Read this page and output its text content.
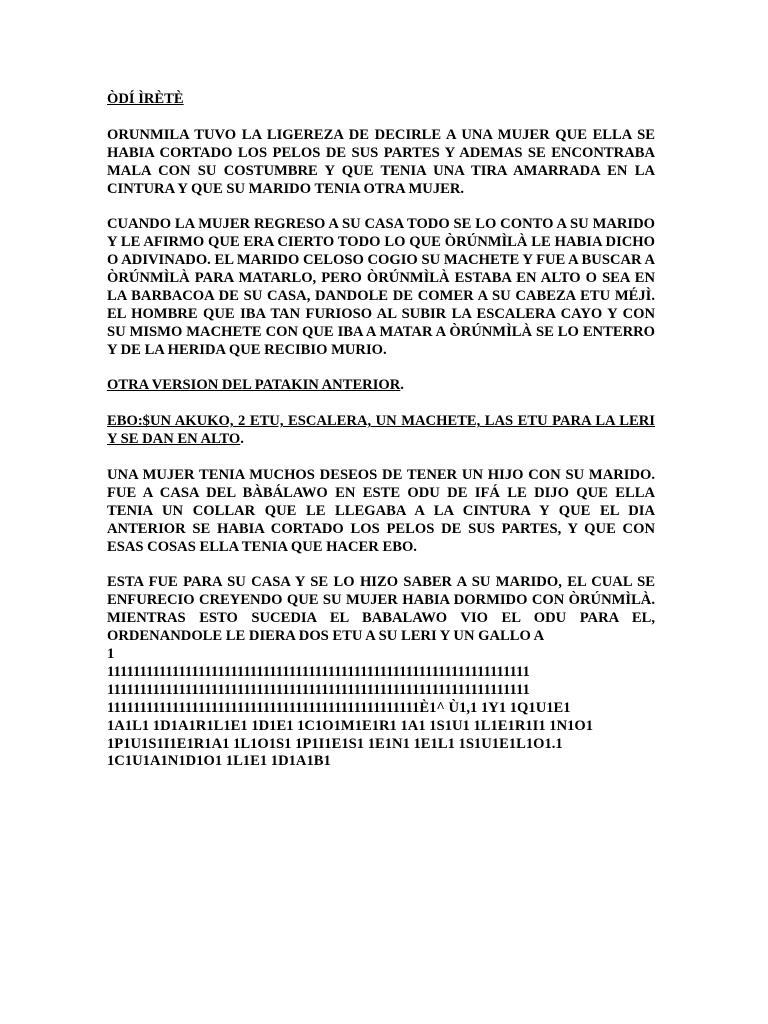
ÒDÍ ÌRÈTÈ

ORUNMILA TUVO LA LIGEREZA DE DECIRLE A UNA MUJER QUE ELLA SE HABIA CORTADO LOS PELOS DE SUS PARTES Y ADEMAS SE ENCONTRABA MALA CON SU COSTUMBRE Y QUE TENIA UNA TIRA AMARRADA EN LA CINTURA Y QUE SU MARIDO TENIA OTRA MUJER.

CUANDO LA MUJER REGRESO A SU CASA TODO SE LO CONTO A SU MARIDO Y LE AFIRMO QUE ERA CIERTO TODO LO QUE ÒRÚNMÌLÀ LE HABIA DICHO O ADIVINADO. EL MARIDO CELOSO COGIO SU MACHETE Y FUE A BUSCAR A ÒRÚNMÌLÀ PARA MATARLO, PERO ÒRÚNMÌLÀ ESTABA EN ALTO O SEA EN LA BARBACOA DE SU CASA, DANDOLE DE COMER A SU CABEZA ETU MÉJÌ. EL HOMBRE QUE IBA TAN FURIOSO AL SUBIR LA ESCALERA CAYO Y CON SU MISMO MACHETE CON QUE IBA A MATAR A ÒRÚNMÌLÀ SE LO ENTERRO Y DE LA HERIDA QUE RECIBIO MURIO.

OTRA VERSION DEL PATAKIN ANTERIOR.

EBO:$UN AKUKO, 2 ETU, ESCALERA, UN MACHETE, LAS ETU PARA LA LERI Y SE DAN EN ALTO.

UNA MUJER TENIA MUCHOS DESEOS DE TENER UN HIJO CON SU MARIDO. FUE A CASA DEL BÀBÁLAWO EN ESTE ODU DE IFÁ LE DIJO QUE ELLA TENIA UN COLLAR QUE LE LLEGABA A LA CINTURA Y QUE EL DIA ANTERIOR SE HABIA CORTADO LOS PELOS DE SUS PARTES, Y QUE CON ESAS COSAS ELLA TENIA QUE HACER EBO.

ESTA FUE PARA SU CASA Y SE LO HIZO SABER A SU MARIDO, EL CUAL SE ENFURECIO CREYENDO QUE SU MUJER HABIA DORMIDO CON ÒRÚNMÌLÀ. MIENTRAS ESTO SUCEDIA EL BABALAWO VIO EL ODU PARA EL, ORDENANDOLE LE DIERA DOS ETU A SU LERI Y UN GALLO A

1
11111111111111111111111111111111111111111111111111111111111111111
11111111111111111111111111111111111111111111111111111111111111111
111111111111111111111111111111111111111111111111È1^ Ù1,1 1Y1 1Q1U1E1
1A1L1 1D1A1R1L1E1 1D1E1 1C1O1M1E1R1 1A1 1S1U1 1L1E1R1I1 1N1O1
1P1U1S1I1E1R1A1 1L1O1S1 1P1I1E1S1 1E1N1 1E1L1 1S1U1E1L1O1.1
1C1U1A1N1D1O1 1L1E1 1D1A1B1
